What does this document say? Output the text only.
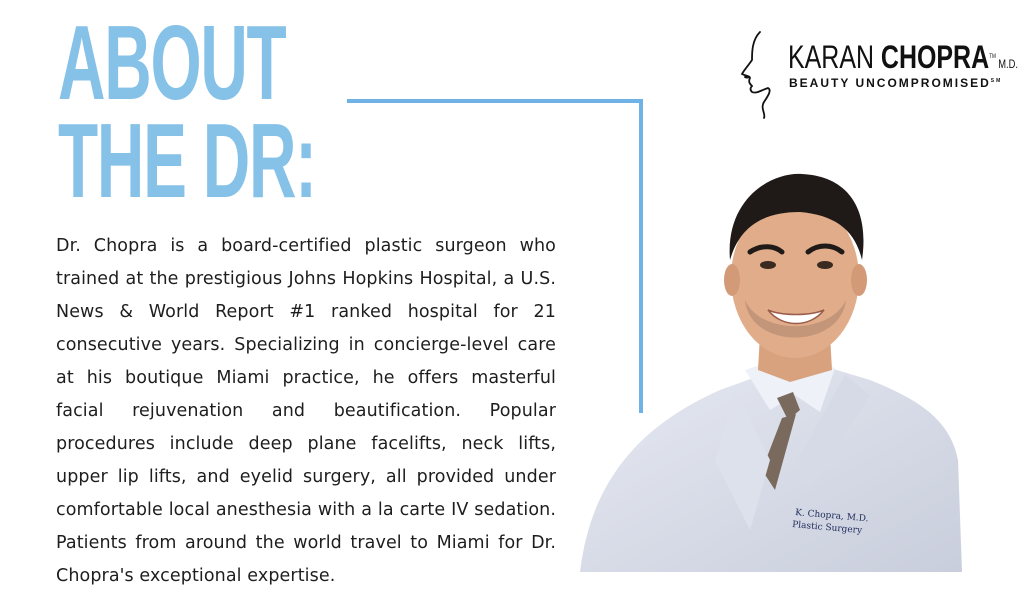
ABOUT
THE DR:
KARAN CHOPRA™ M.D.
BEAUTY UNCOMPROMISED℠
Dr. Chopra is a board-certified plastic surgeon who trained at the prestigious Johns Hopkins Hospital, a U.S. News & World Report #1 ranked hospital for 21 consecutive years. Specializing in concierge-level care at his boutique Miami practice, he offers masterful facial rejuvenation and beautification. Popular procedures include deep plane facelifts, neck lifts, upper lip lifts, and eyelid surgery, all provided under comfortable local anesthesia with a la carte IV sedation. Patients from around the world travel to Miami for Dr. Chopra's exceptional expertise.
K. Chopra, M.D.
Plastic Surgery
